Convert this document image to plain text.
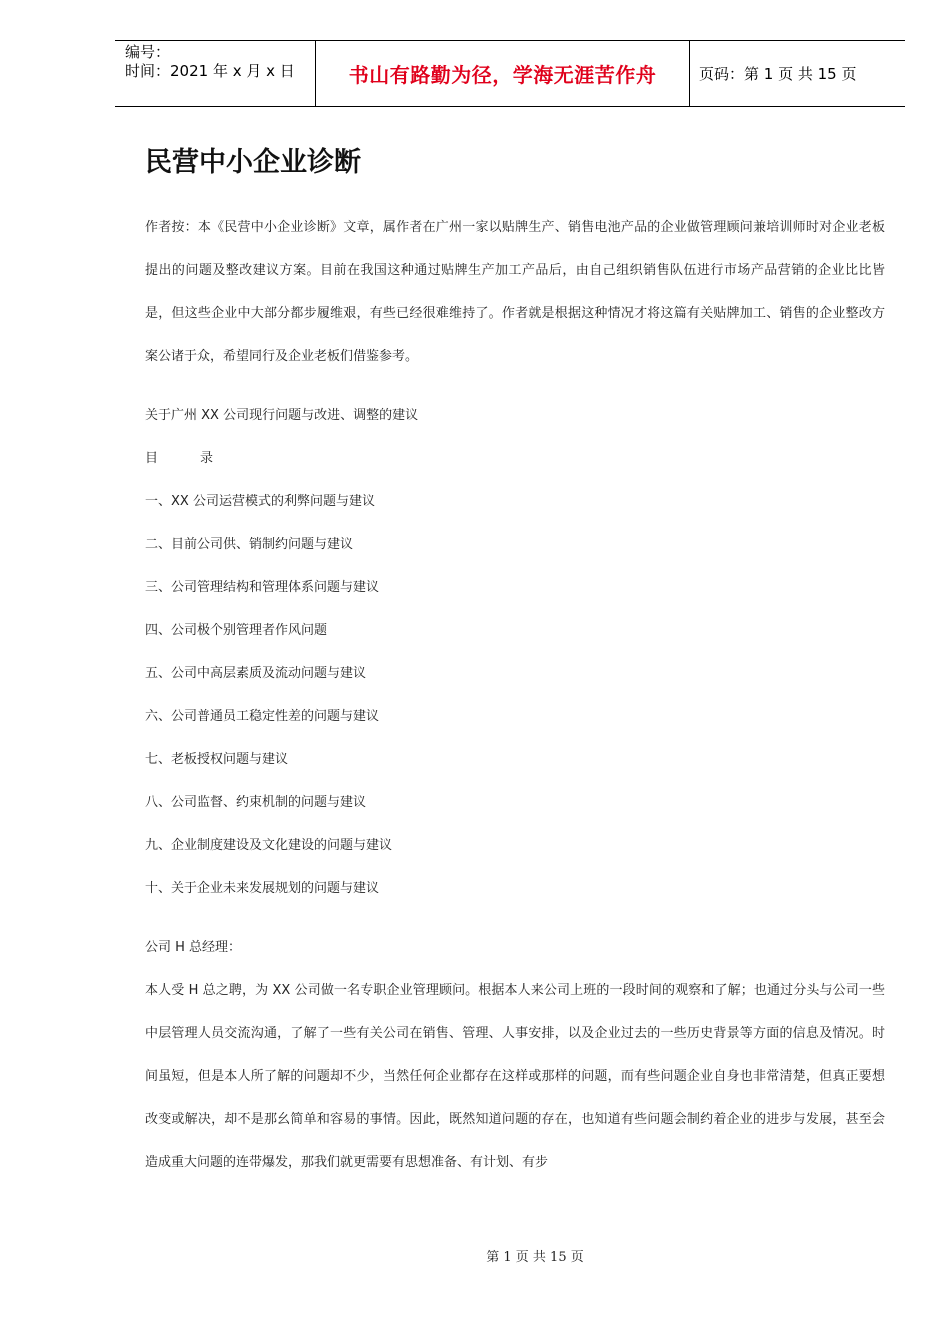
编号：
时间：2021 年 x 月 x 日	书山有路勤为径，学海无涯苦作舟	页码：第 1 页 共 15 页
民营中小企业诊断

作者按：本《民营中小企业诊断》文章，属作者在广州一家以贴牌生产、销售电池产品的企业做管理顾问兼培训师时对企业老板提出的问题及整改建议方案。目前在我国这种通过贴牌生产加工产品后，由自己组织销售队伍进行市场产品营销的企业比比皆是，但这些企业中大部分都步履维艰，有些已经很难维持了。作者就是根据这种情况才将这篇有关贴牌加工、销售的企业整改方案公诸于众，希望同行及企业老板们借鉴参考。

关于广州 XX 公司现行问题与改进、调整的建议
目	录
一、XX 公司运营模式的利弊问题与建议
二、目前公司供、销制约问题与建议
三、公司管理结构和管理体系问题与建议
四、公司极个别管理者作风问题
五、公司中高层素质及流动问题与建议
六、公司普通员工稳定性差的问题与建议
七、老板授权问题与建议
八、公司监督、约束机制的问题与建议
九、企业制度建设及文化建设的问题与建议
十、关于企业未来发展规划的问题与建议
公司 H 总经理：

本人受 H 总之聘，为 XX 公司做一名专职企业管理顾问。根据本人来公司上班的一段时间的观察和了解；也通过分头与公司一些中层管理人员交流沟通，了解了一些有关公司在销售、管理、人事安排，以及企业过去的一些历史背景等方面的信息及情况。时间虽短，但是本人所了解的问题却不少，当然任何企业都存在这样或那样的问题，而有些问题企业自身也非常清楚，但真正要想改变或解决，却不是那幺简单和容易的事情。因此，既然知道问题的存在，也知道有些问题会制约着企业的进步与发展，甚至会造成重大问题的连带爆发，那我们就更需要有思想准备、有计划、有步

第 1 页 共 15 页
